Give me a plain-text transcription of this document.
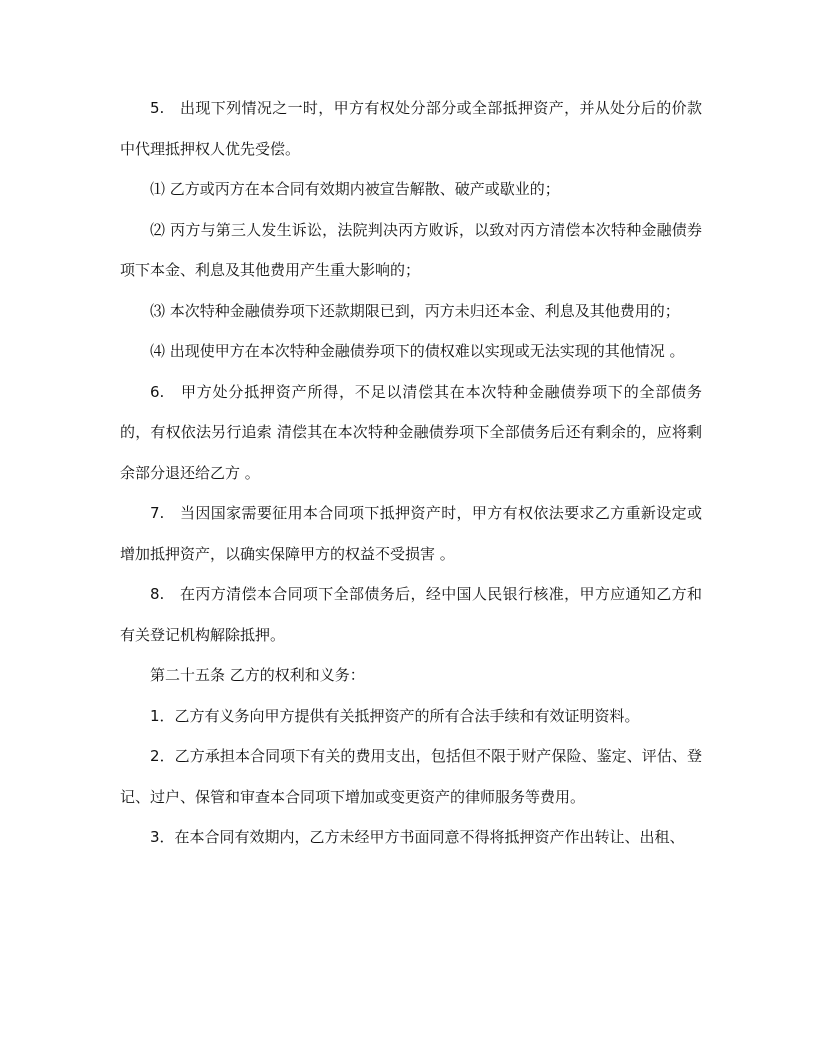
5.　出现下列情况之一时，甲方有权处分部分或全部抵押资产，并从处分后的价款中代理抵押权人优先受偿。

⑴ 乙方或丙方在本合同有效期内被宣告解散、破产或歇业的；

⑵ 丙方与第三人发生诉讼，法院判决丙方败诉，以致对丙方清偿本次特种金融债券项下本金、利息及其他费用产生重大影响的；

⑶ 本次特种金融债券项下还款期限已到，丙方未归还本金、利息及其他费用的；

⑷ 出现使甲方在本次特种金融债券项下的债权难以实现或无法实现的其他情况 。

6.　甲方处分抵押资产所得，不足以清偿其在本次特种金融债券项下的全部债务的，有权依法另行追索 清偿其在本次特种金融债券项下全部债务后还有剩余的，应将剩余部分退还给乙方 。

7.　当因国家需要征用本合同项下抵押资产时，甲方有权依法要求乙方重新设定或增加抵押资产，以确实保障甲方的权益不受损害 。

8.　在丙方清偿本合同项下全部债务后，经中国人民银行核准，甲方应通知乙方和有关登记机构解除抵押。

第二十五条 乙方的权利和义务：

1．乙方有义务向甲方提供有关抵押资产的所有合法手续和有效证明资料。

2．乙方承担本合同项下有关的费用支出，包括但不限于财产保险、鉴定、评估、登记、过户、保管和审查本合同项下增加或变更资产的律师服务等费用。

3．在本合同有效期内，乙方未经甲方书面同意不得将抵押资产作出转让、出租、
